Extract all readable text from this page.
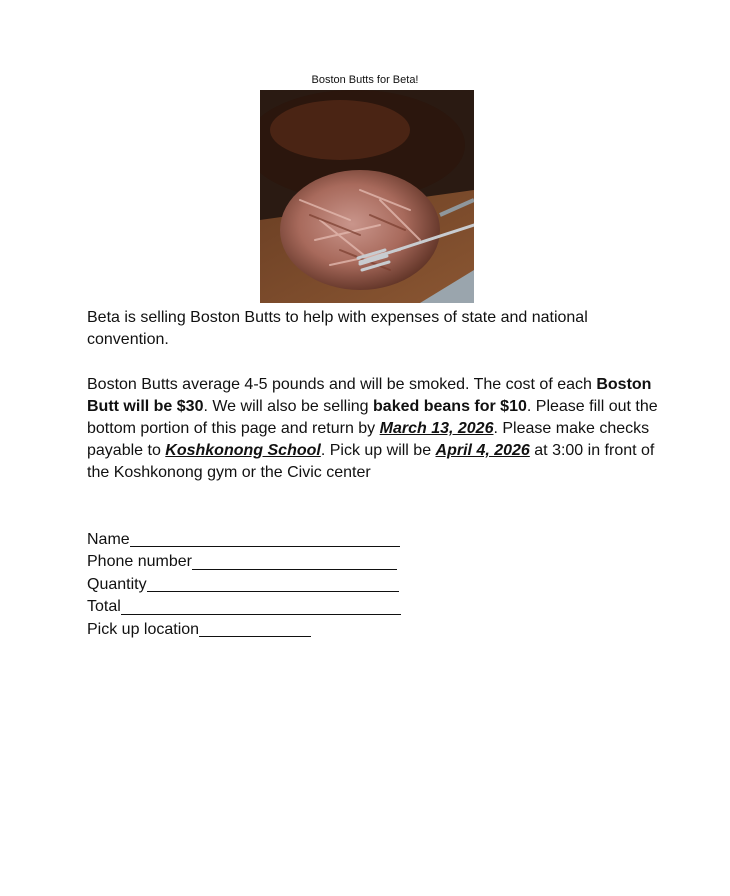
Boston Butts for Beta!
Beta is selling Boston Butts to help with expenses of state and national convention.
Boston Butts average 4-5 pounds and will be smoked. The cost of each Boston Butt will be $30. We will also be selling baked beans for $10. Please fill out the bottom portion of this page and return by March 13, 2026. Please make checks payable to Koshkonong School. Pick up will be April 4, 2026 at 3:00 in front of the Koshkonong gym or the Civic center
Name
Phone number
Quantity
Total
Pick up location
